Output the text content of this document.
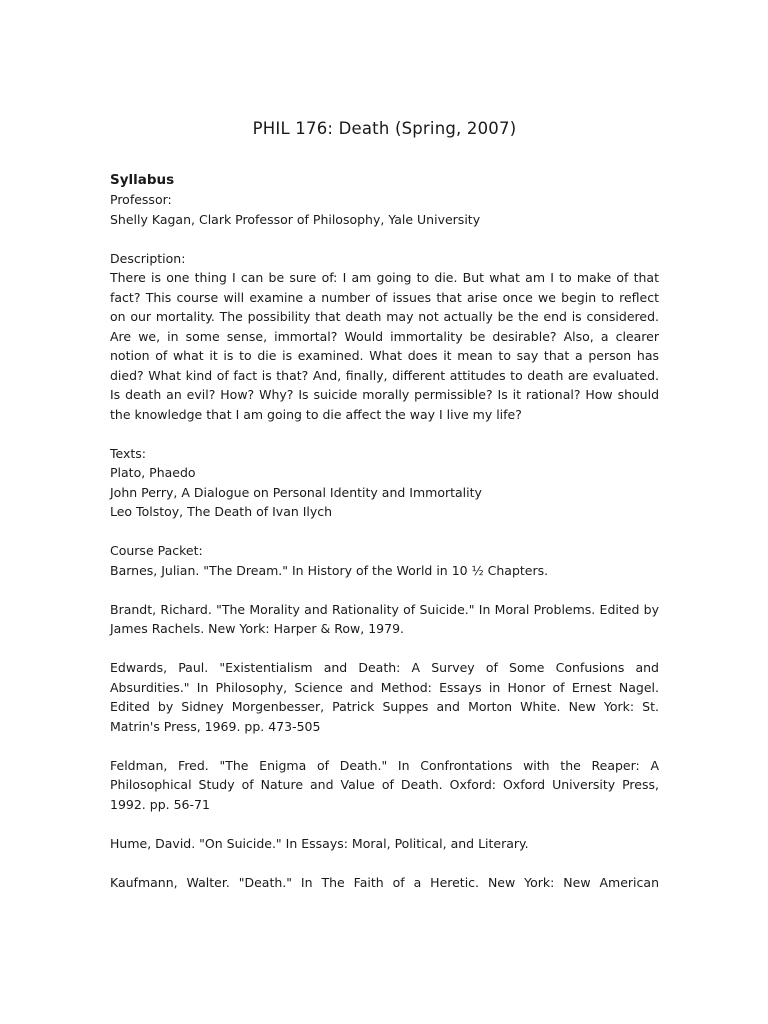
PHIL 176: Death (Spring, 2007)
Syllabus

Professor:

Shelly Kagan, Clark Professor of Philosophy, Yale University

Description:

There is one thing I can be sure of: I am going to die. But what am I to make of that fact? This course will examine a number of issues that arise once we begin to reflect on our mortality. The possibility that death may not actually be the end is considered. Are we, in some sense, immortal? Would immortality be desirable? Also, a clearer notion of what it is to die is examined. What does it mean to say that a person has died? What kind of fact is that? And, finally, different attitudes to death are evaluated. Is death an evil? How? Why? Is suicide morally permissible? Is it rational? How should the knowledge that I am going to die affect the way I live my life?

Texts:

Plato, Phaedo

John Perry, A Dialogue on Personal Identity and Immortality

Leo Tolstoy, The Death of Ivan Ilych

Course Packet:

Barnes, Julian. "The Dream." In History of the World in 10 ½ Chapters.

Brandt, Richard. "The Morality and Rationality of Suicide." In Moral Problems. Edited by James Rachels. New York: Harper & Row, 1979.

Edwards, Paul. "Existentialism and Death: A Survey of Some Confusions and Absurdities." In Philosophy, Science and Method: Essays in Honor of Ernest Nagel. Edited by Sidney Morgenbesser, Patrick Suppes and Morton White. New York: St. Matrin's Press, 1969. pp. 473-505

Feldman, Fred. "The Enigma of Death." In Confrontations with the Reaper: A Philosophical Study of Nature and Value of Death. Oxford: Oxford University Press, 1992. pp. 56-71

Hume, David. "On Suicide." In Essays: Moral, Political, and Literary.

Kaufmann, Walter. "Death." In The Faith of a Heretic. New York: New American
